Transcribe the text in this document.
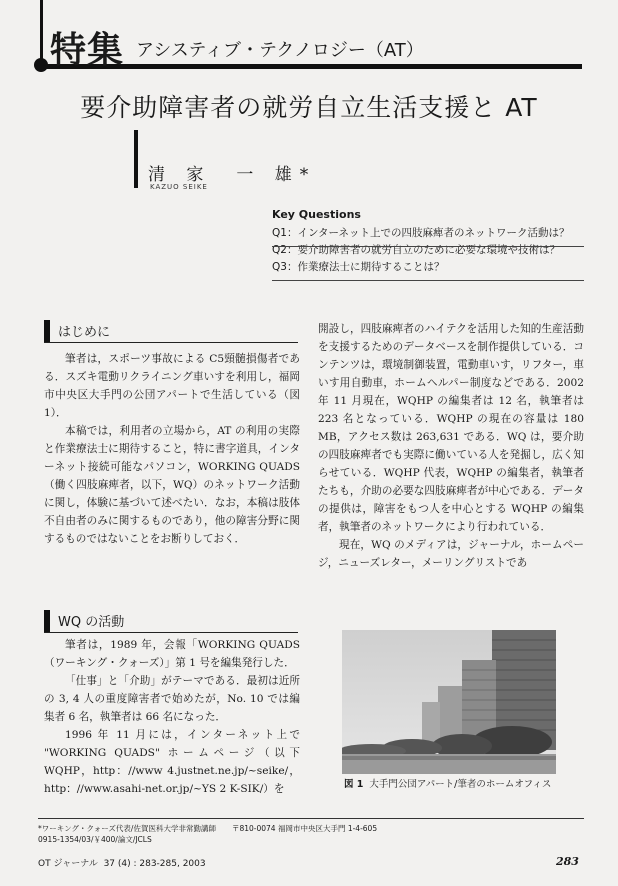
特集 アシスティブ・テクノロジー（AT）
要介助障害者の就労自立生活支援と AT
清 家　一 雄*
KAZUO SEIKE
Key Questions
Q1：インターネット上での四肢麻痺者のネットワーク活動は？
Q2：要介助障害者の就労自立のために必要な環境や技術は？
Q3：作業療法士に期待することは？
はじめに

筆者は，スポーツ事故による C5頸髄損傷者である．スズキ電動リクライニング車いすを利用し，福岡市中央区大手門の公団アパートで生活している（図 1）．

本稿では，利用者の立場から，AT の利用の実際と作業療法士に期待すること，特に書字道具，インターネット接続可能なパソコン，WORKING QUADS（働く四肢麻痺者，以下，WQ）のネットワーク活動に関し，体験に基づいて述べたい．なお，本稿は肢体不自由者のみに関するものであり，他の障害分野に関するものではないことをお断りしておく．

WQ の活動

筆者は，1989 年，会報「WORKING QUADS（ワーキング・クォーズ）」第 1 号を編集発行した．

「仕事」と「介助」がテーマである．最初は近所の 3, 4 人の重度障害者で始めたが，No. 10 では編集者 6 名，執筆者は 66 名になった．

1996 年 11 月には，インターネット上で "WORKING QUADS" ホームページ（以下 WQHP，http：//www 4.justnet.ne.jp/~seike/，http：//www.asahi-net.or.jp/~YS 2 K-SIK/）を

開設し，四肢麻痺者のハイテクを活用した知的生産活動を支援するためのデータベースを制作提供している．コンテンツは，環境制御装置，電動車いす，リフター，車いす用自動車，ホームヘルパー制度などである．2002 年 11 月現在，WQHP の編集者は 12 名，執筆者は 223 名となっている．WQHP の現在の容量は 180 MB，アクセス数は 263,631 である．WQ は，要介助の四肢麻痺者でも実際に働いている人を発掘し，広く知らせている．WQHP 代表，WQHP の編集者，執筆者たちも，介助の必要な四肢麻痺者が中心である．データの提供は，障害をもつ人を中心とする WQHP の編集者，執筆者のネットワークにより行われている．

現在，WQ のメディアは，ジャーナル，ホームページ，ニューズレター，メーリングリストであ

図 1 大手門公団アパート/筆者のホームオフィス
*ワーキング・クォーズ代表/佐賀医科大学非常勤講師 〒810-0074 福岡市中央区大手門 1-4-605
0915-1354/03/￥400/論文/JCLS
OT ジャーナル 37 (4) : 283-285, 2003	283
